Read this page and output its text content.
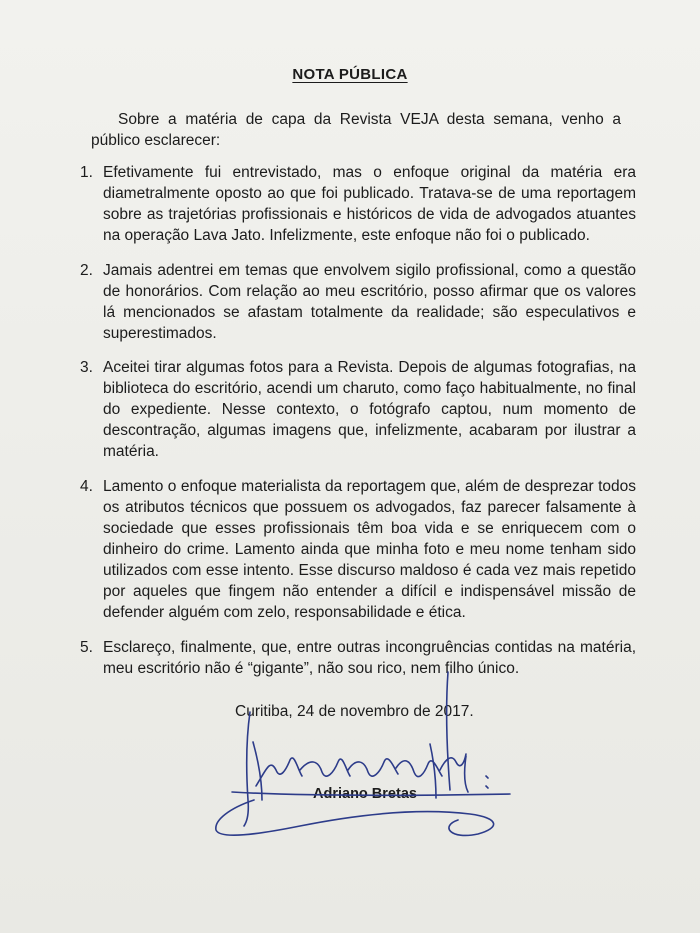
NOTA PÚBLICA
Sobre a matéria de capa da Revista VEJA desta semana, venho a público esclarecer:
1. Efetivamente fui entrevistado, mas o enfoque original da matéria era diametralmente oposto ao que foi publicado. Tratava-se de uma reportagem sobre as trajetórias profissionais e históricos de vida de advogados atuantes na operação Lava Jato. Infelizmente, este enfoque não foi o publicado.
2. Jamais adentrei em temas que envolvem sigilo profissional, como a questão de honorários. Com relação ao meu escritório, posso afirmar que os valores lá mencionados se afastam totalmente da realidade; são especulativos e superestimados.
3. Aceitei tirar algumas fotos para a Revista. Depois de algumas fotografias, na biblioteca do escritório, acendi um charuto, como faço habitualmente, no final do expediente. Nesse contexto, o fotógrafo captou, num momento de descontração, algumas imagens que, infelizmente, acabaram por ilustrar a matéria.
4. Lamento o enfoque materialista da reportagem que, além de desprezar todos os atributos técnicos que possuem os advogados, faz parecer falsamente à sociedade que esses profissionais têm boa vida e se enriquecem com o dinheiro do crime. Lamento ainda que minha foto e meu nome tenham sido utilizados com esse intento. Esse discurso maldoso é cada vez mais repetido por aqueles que fingem não entender a difícil e indispensável missão de defender alguém com zelo, responsabilidade e ética.
5. Esclareço, finalmente, que, entre outras incongruências contidas na matéria, meu escritório não é “gigante”, não sou rico, nem filho único.
Curitiba, 24 de novembro de 2017.
Adriano Bretas
